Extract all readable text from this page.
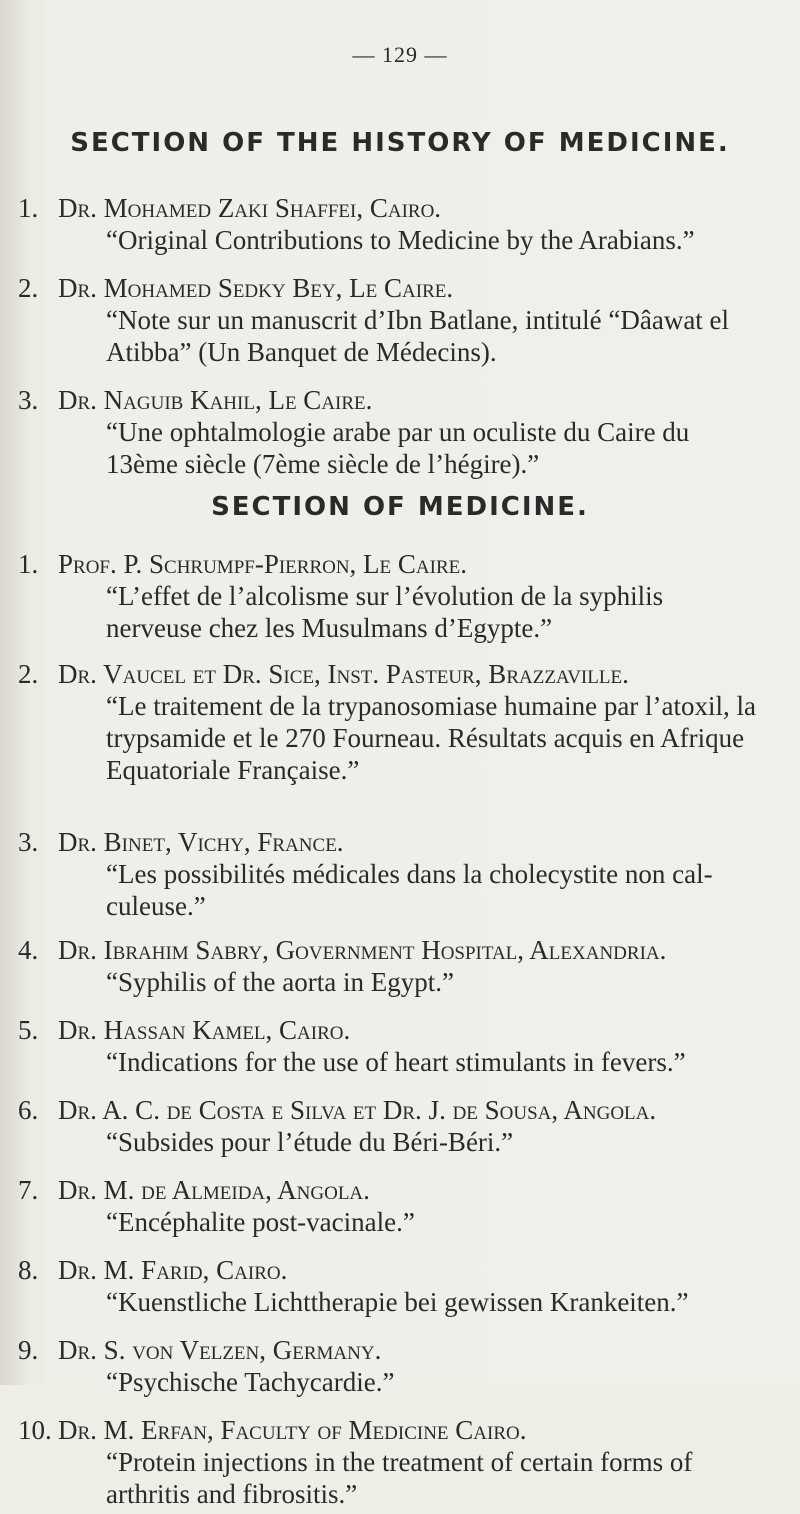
— 129 —
SECTION OF THE HISTORY OF MEDICINE.
1. Dr. Mohamed Zaki Shaffei, Cairo.
“Original Contributions to Medicine by the Arabians.”
2. Dr. Mohamed Sedky Bey, Le Caire.
“Note sur un manuscrit d’Ibn Batlane, intitulé “Dâawat el Atibba” (Un Banquet de Médecins).
3. Dr. Naguib Kahil, Le Caire.
“Une ophtalmologie arabe par un oculiste du Caire du 13ème siècle (7ème siècle de l’hégire).”
SECTION OF MEDICINE.
1. Prof. P. Schrumpf-Pierron, Le Caire.
“L’effet de l’alcolisme sur l’évolution de la syphilis nerveuse chez les Musulmans d’Egypte.”
2. Dr. Vaucel et Dr. Sice, Inst. Pasteur, Brazzaville.
“Le traitement de la trypanosomiase humaine par l’atoxil, la trypsamide et le 270 Fourneau. Résultats acquis en Afrique Equatoriale Française.”
3. Dr. Binet, Vichy, France.
“Les possibilités médicales dans la cholecystite non cal-culeuse.”
4. Dr. Ibrahim Sabry, Government Hospital, Alexandria.
“Syphilis of the aorta in Egypt.”
5. Dr. Hassan Kamel, Cairo.
“Indications for the use of heart stimulants in fevers.”
6. Dr. A. C. de Costa e Silva et Dr. J. de Sousa, Angola.
“Subsides pour l’étude du Béri-Béri.”
7. Dr. M. de Almeida, Angola.
“Encéphalite post-vacinale.”
8. Dr. M. Farid, Cairo.
“Kuenstliche Lichttherapie bei gewissen Krankeiten.”
9. Dr. S. von Velzen, Germany.
“Psychische Tachycardie.”
10. Dr. M. Erfan, Faculty of Medicine Cairo.
“Protein injections in the treatment of certain forms of arthritis and fibrositis.”
